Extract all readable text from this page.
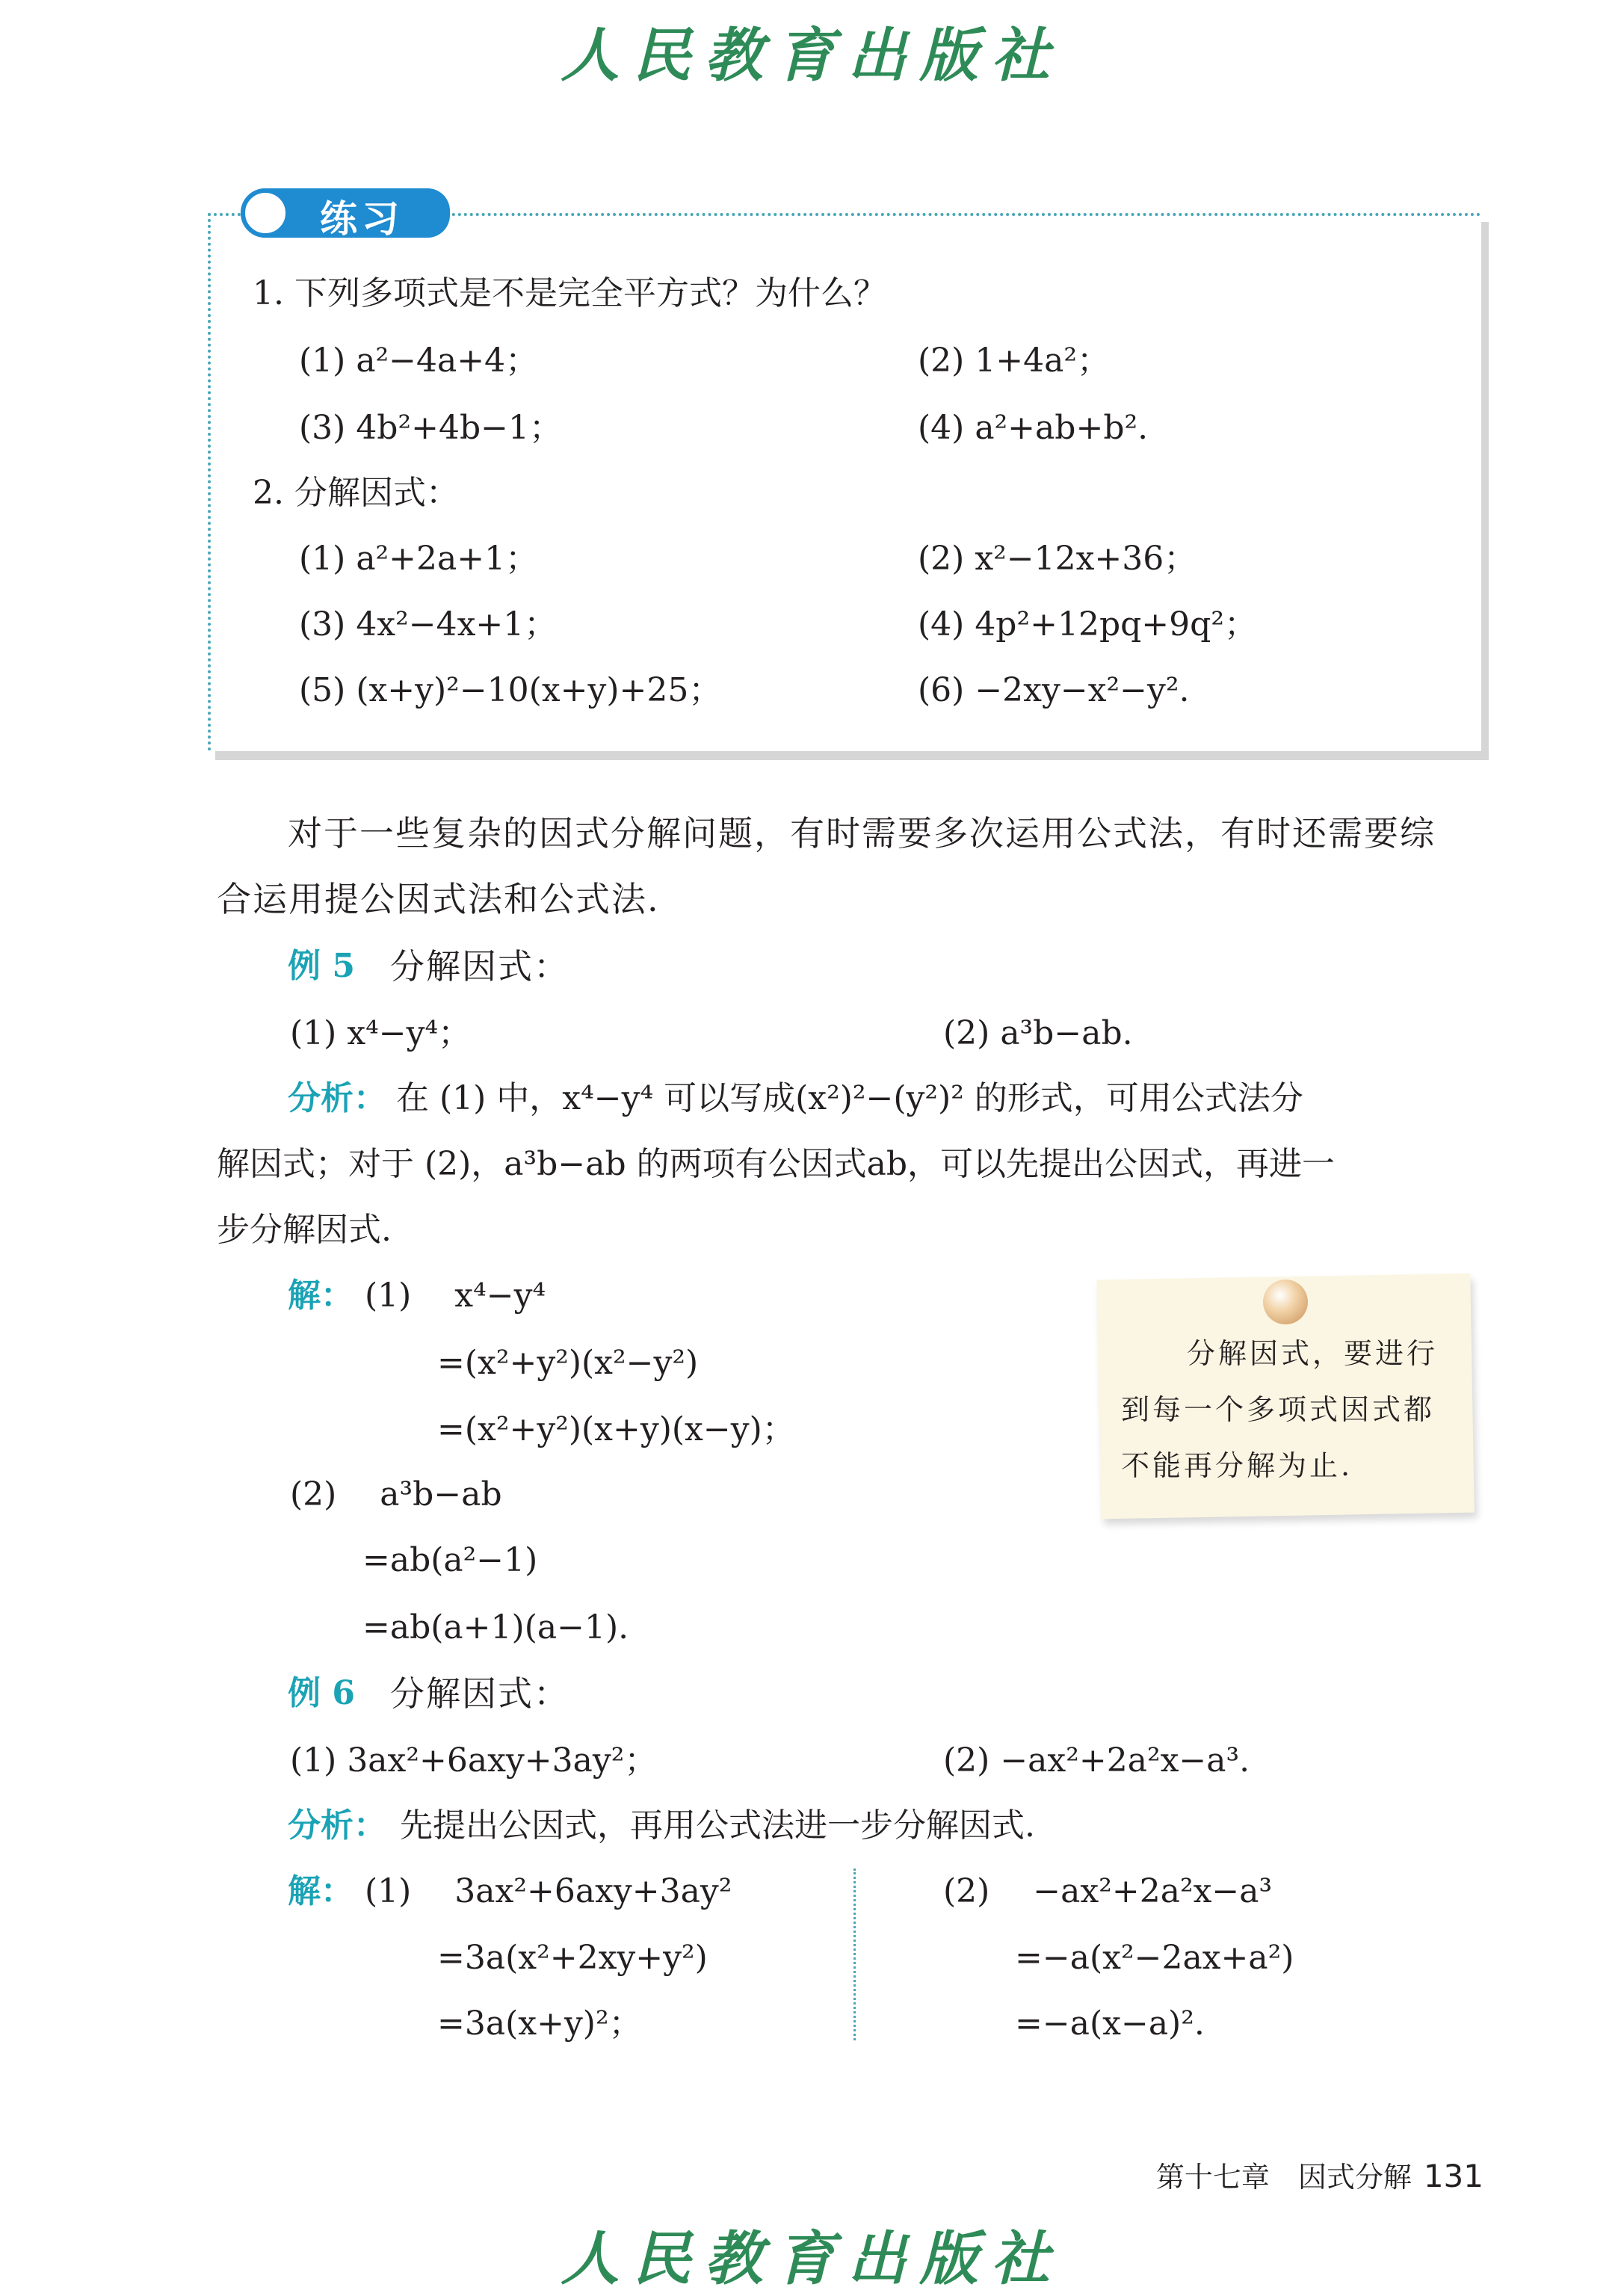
人民教育出版社
练习
1. 下列多项式是不是完全平方式？为什么？
(1) a²−4a+4；	(2) 1+4a²；
(3) 4b²+4b−1；	(4) a²+ab+b².
2. 分解因式：
(1) a²+2a+1；	(2) x²−12x+36；
(3) 4x²−4x+1；	(4) 4p²+12pq+9q²；
(5) (x+y)²−10(x+y)+25；	(6) −2xy−x²−y².
对于一些复杂的因式分解问题，有时需要多次运用公式法，有时还需要综
合运用提公因式法和公式法.
例 5 分解因式：
(1) x⁴−y⁴；	(2) a³b−ab.
分析： 在 (1) 中，x⁴−y⁴ 可以写成(x²)²−(y²)² 的形式，可用公式法分
解因式；对于 (2)，a³b−ab 的两项有公因式ab，可以先提出公因式，再进一
步分解因式.
解： (1)　 x⁴−y⁴
=(x²+y²)(x²−y²)
=(x²+y²)(x+y)(x−y)；
(2)　 a³b−ab
=ab(a²−1)
=ab(a+1)(a−1).
分解因式，要进行
到每一个多项式因式都
不能再分解为止.
例 6 分解因式：
(1) 3ax²+6axy+3ay²；	(2) −ax²+2a²x−a³.
分析： 先提出公因式，再用公式法进一步分解因式.
解： (1)　 3ax²+6axy+3ay²
=3a(x²+2xy+y²)
=3a(x+y)²；
(2)　 −ax²+2a²x−a³
=−a(x²−2ax+a²)
=−a(x−a)².
第十七章　因式分解 131
人民教育出版社
